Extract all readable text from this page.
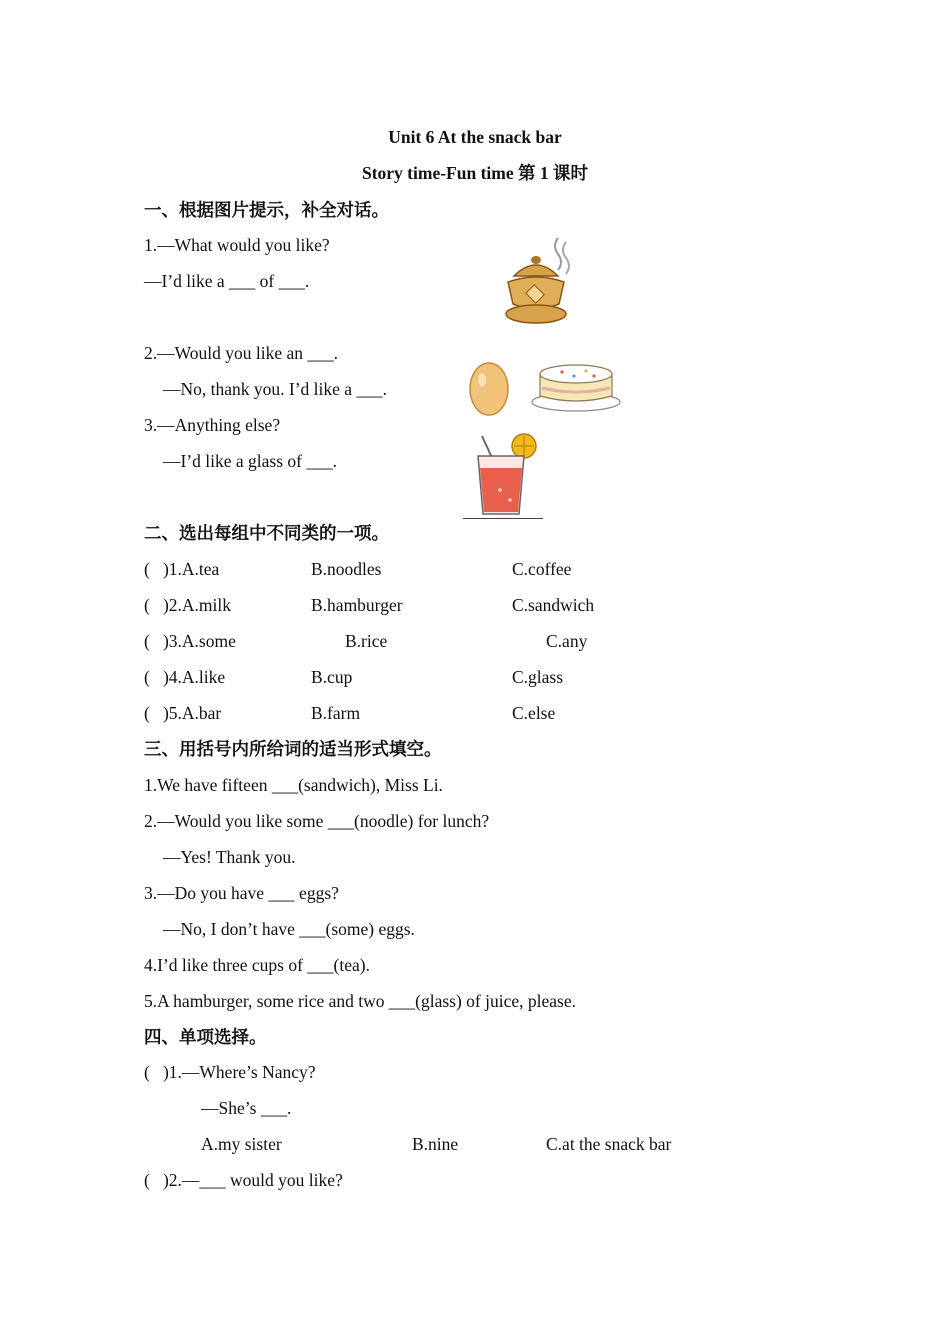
Unit 6 At the snack bar
Story time-Fun time 第 1 课时
一、根据图片提示，补全对话。
1.—What would you like?
—I’d like a ___ of ___.
2.—Would you like an ___.
—No, thank you. I’d like a ___.
3.—Anything else?
—I’d like a glass of ___.
二、选出每组中不同类的一项。
(   )1.A.tea	B.noodles	C.coffee
(   )2.A.milk	B.hamburger	C.sandwich
(   )3.A.some	B.rice	C.any
(   )4.A.like	B.cup	C.glass
(   )5.A.bar	B.farm	C.else
三、用括号内所给词的适当形式填空。
1.We have fifteen ___(sandwich), Miss Li.
2.—Would you like some ___(noodle) for lunch?
—Yes! Thank you.
3.—Do you have ___ eggs?
—No, I don’t have ___(some) eggs.
4.I’d like three cups of ___(tea).
5.A hamburger, some rice and two ___(glass) of juice, please.
四、单项选择。
(   )1.—Where’s Nancy?
—She’s ___.
A.my sister	B.nine	C.at the snack bar
(   )2.—___ would you like?
